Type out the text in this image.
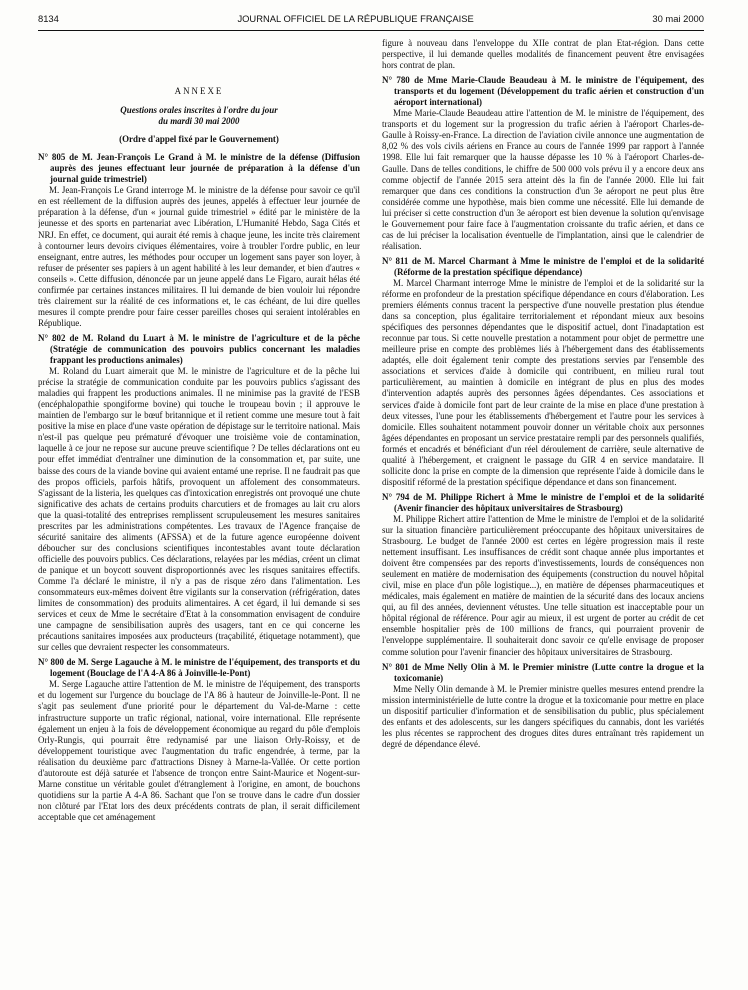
8134	JOURNAL OFFICIEL DE LA RÉPUBLIQUE FRANÇAISE	30 mai 2000

ANNEXE

Questions orales inscrites à l'ordre du jour

du mardi 30 mai 2000

(Ordre d'appel fixé par le Gouvernement)

N° 805 de M. Jean-François Le Grand à M. le ministre de la défense (Diffusion auprès des jeunes effectuant leur journée de préparation à la défense d'un journal guide trimestriel)

M. Jean-François Le Grand interroge M. le ministre de la défense pour savoir ce qu'il en est réellement de la diffusion auprès des jeunes, appelés à effectuer leur journée de préparation à la défense, d'un « journal guide trimestriel » édité par le ministère de la jeunesse et des sports en partenariat avec Libération, L'Humanité Hebdo, Saga Cités et NRJ. En effet, ce document, qui aurait été remis à chaque jeune, les incite très clairement à contourner leurs devoirs civiques élémentaires, voire à troubler l'ordre public, en leur enseignant, entre autres, les méthodes pour occuper un logement sans payer son loyer, à refuser de présenter ses papiers à un agent habilité à les leur demander, et bien d'autres « conseils ». Cette diffusion, dénoncée par un jeune appelé dans Le Figaro, aurait hélas été confirmée par certaines instances militaires. Il lui demande de bien vouloir lui répondre très clairement sur la réalité de ces informations et, le cas échéant, de lui dire quelles mesures il compte prendre pour faire cesser pareilles choses qui seraient intolérables en République.

N° 802 de M. Roland du Luart à M. le ministre de l'agriculture et de la pêche (Stratégie de communication des pouvoirs publics concernant les maladies frappant les productions animales)

M. Roland du Luart aimerait que M. le ministre de l'agriculture et de la pêche lui précise la stratégie de communication conduite par les pouvoirs publics s'agissant des maladies qui frappent les productions animales. Il ne minimise pas la gravité de l'ESB (encéphalopathie spongiforme bovine) qui touche le troupeau bovin ; il approuve le maintien de l'embargo sur le bœuf britannique et il retient comme une mesure tout à fait positive la mise en place d'une vaste opération de dépistage sur le territoire national. Mais n'est-il pas quelque peu prématuré d'évoquer une troisième voie de contamination, laquelle à ce jour ne repose sur aucune preuve scientifique ? De telles déclarations ont eu pour effet immédiat d'entraîner une diminution de la consommation et, par suite, une baisse des cours de la viande bovine qui avaient entamé une reprise. Il ne faudrait pas que des propos officiels, parfois hâtifs, provoquent un affolement des consommateurs. S'agissant de la listeria, les quelques cas d'intoxication enregistrés ont provoqué une chute significative des achats de certains produits charcutiers et de fromages au lait cru alors que la quasi-totalité des entreprises remplissent scrupuleusement les mesures sanitaires prescrites par les administrations compétentes. Les travaux de l'Agence française de sécurité sanitaire des aliments (AFSSA) et de la future agence européenne doivent déboucher sur des conclusions scientifiques incontestables avant toute déclaration officielle des pouvoirs publics. Ces déclarations, relayées par les médias, créent un climat de panique et un boycott souvent disproportionnés avec les risques sanitaires effectifs. Comme l'a déclaré le ministre, il n'y a pas de risque zéro dans l'alimentation. Les consommateurs eux-mêmes doivent être vigilants sur la conservation (réfrigération, dates limites de consommation) des produits alimentaires. A cet égard, il lui demande si ses services et ceux de Mme le secrétaire d'Etat à la consommation envisagent de conduire une campagne de sensibilisation auprès des usagers, tant en ce qui concerne les précautions sanitaires imposées aux producteurs (traçabilité, étiquetage notamment), que sur celles que devraient respecter les consommateurs.

N° 800 de M. Serge Lagauche à M. le ministre de l'équipement, des transports et du logement (Bouclage de l'A 4-A 86 à Joinville-le-Pont)

M. Serge Lagauche attire l'attention de M. le ministre de l'équipement, des transports et du logement sur l'urgence du bouclage de l'A 86 à hauteur de Joinville-le-Pont. Il ne s'agit pas seulement d'une priorité pour le département du Val-de-Marne : cette infrastructure supporte un trafic régional, national, voire international. Elle représente également un enjeu à la fois de développement économique au regard du pôle d'emplois Orly-Rungis, qui pourrait être redynamisé par une liaison Orly-Roissy, et de développement touristique avec l'augmentation du trafic engendrée, à terme, par la réalisation du deuxième parc d'attractions Disney à Marne-la-Vallée. Or cette portion d'autoroute est déjà saturée et l'absence de tronçon entre Saint-Maurice et Nogent-sur-Marne constitue un véritable goulet d'étranglement à l'origine, en amont, de bouchons quotidiens sur la partie A 4-A 86. Sachant que l'on se trouve dans le cadre d'un dossier non clôturé par l'Etat lors des deux précédents contrats de plan, il serait difficilement acceptable que cet aménagement

figure à nouveau dans l'enveloppe du XIIe contrat de plan Etat-région. Dans cette perspective, il lui demande quelles modalités de financement peuvent être envisagées hors contrat de plan.

N° 780 de Mme Marie-Claude Beaudeau à M. le ministre de l'équipement, des transports et du logement (Développement du trafic aérien et construction d'un aéroport international)

Mme Marie-Claude Beaudeau attire l'attention de M. le ministre de l'équipement, des transports et du logement sur la progression du trafic aérien à l'aéroport Charles-de-Gaulle à Roissy-en-France. La direction de l'aviation civile annonce une augmentation de 8,02 % des vols civils aériens en France au cours de l'année 1999 par rapport à l'année 1998. Elle lui fait remarquer que la hausse dépasse les 10 % à l'aéroport Charles-de-Gaulle. Dans de telles conditions, le chiffre de 500 000 vols prévu il y a encore deux ans comme objectif de l'année 2015 sera atteint dès la fin de l'année 2000. Elle lui fait remarquer que dans ces conditions la construction d'un 3e aéroport ne peut plus être considérée comme une hypothèse, mais bien comme une nécessité. Elle lui demande de lui préciser si cette construction d'un 3e aéroport est bien devenue la solution qu'envisage le Gouvernement pour faire face à l'augmentation croissante du trafic aérien, et dans ce cas de lui préciser la localisation éventuelle de l'implantation, ainsi que le calendrier de réalisation.

N° 811 de M. Marcel Charmant à Mme le ministre de l'emploi et de la solidarité (Réforme de la prestation spécifique dépendance)

M. Marcel Charmant interroge Mme le ministre de l'emploi et de la solidarité sur la réforme en profondeur de la prestation spécifique dépendance en cours d'élaboration. Les premiers éléments connus tracent la perspective d'une nouvelle prestation plus étendue dans sa conception, plus égalitaire territorialement et répondant mieux aux besoins spécifiques des personnes dépendantes que le dispositif actuel, dont l'inadaptation est reconnue par tous. Si cette nouvelle prestation a notamment pour objet de permettre une meilleure prise en compte des problèmes liés à l'hébergement dans des établissements adaptés, elle doit également tenir compte des prestations servies par l'ensemble des associations et services d'aide à domicile qui contribuent, en milieu rural tout particulièrement, au maintien à domicile en intégrant de plus en plus des modes d'intervention adaptés auprès des personnes âgées dépendantes. Ces associations et services d'aide à domicile font part de leur crainte de la mise en place d'une prestation à deux vitesses, l'une pour les établissements d'hébergement et l'autre pour les services à domicile. Elles souhaitent notamment pouvoir donner un véritable choix aux personnes âgées dépendantes en proposant un service prestataire rempli par des personnels qualifiés, formés et encadrés et bénéficiant d'un réel déroulement de carrière, seule alternative de qualité à l'hébergement, et craignent le passage du GIR 4 en service mandataire. Il sollicite donc la prise en compte de la dimension que représente l'aide à domicile dans le dispositif réformé de la prestation spécifique dépendance et dans son financement.

N° 794 de M. Philippe Richert à Mme le ministre de l'emploi et de la solidarité (Avenir financier des hôpitaux universitaires de Strasbourg)

M. Philippe Richert attire l'attention de Mme le ministre de l'emploi et de la solidarité sur la situation financière particulièrement préoccupante des hôpitaux universitaires de Strasbourg. Le budget de l'année 2000 est certes en légère progression mais il reste nettement insuffisant. Les insuffisances de crédit sont chaque année plus importantes et doivent être compensées par des reports d'investissements, lourds de conséquences non seulement en matière de modernisation des équipements (construction du nouvel hôpital civil, mise en place d'un pôle logistique...), en matière de dépenses pharmaceutiques et médicales, mais également en matière de maintien de la sécurité dans des locaux anciens qui, au fil des années, deviennent vétustes. Une telle situation est inacceptable pour un hôpital régional de référence. Pour agir au mieux, il est urgent de porter au crédit de cet ensemble hospitalier près de 100 millions de francs, qui pourraient provenir de l'enveloppe supplémentaire. Il souhaiterait donc savoir ce qu'elle envisage de proposer comme solution pour l'avenir financier des hôpitaux universitaires de Strasbourg.

N° 801 de Mme Nelly Olin à M. le Premier ministre (Lutte contre la drogue et la toxicomanie)

Mme Nelly Olin demande à M. le Premier ministre quelles mesures entend prendre la mission interministérielle de lutte contre la drogue et la toxicomanie pour mettre en place un dispositif particulier d'information et de sensibilisation du public, plus spécialement des enfants et des adolescents, sur les dangers spécifiques du cannabis, dont les variétés les plus récentes se rapprochent des drogues dites dures entraînant très rapidement un degré de dépendance élevé.
